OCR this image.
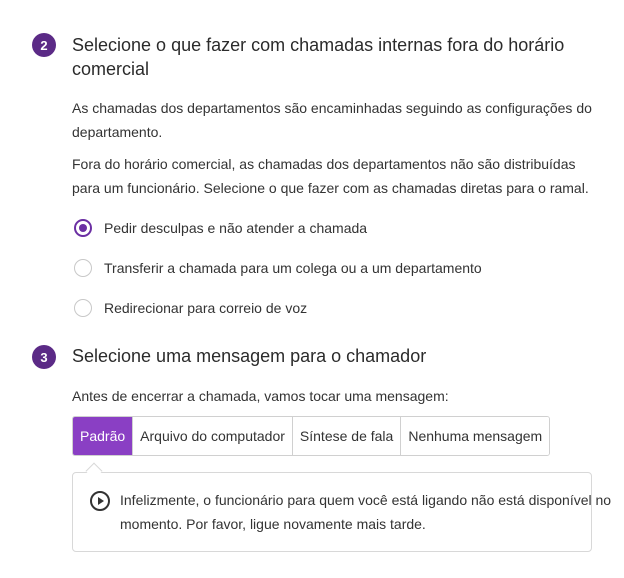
2	Selecione o que fazer com chamadas internas fora do horário comercial
As chamadas dos departamentos são encaminhadas seguindo as configurações do departamento.
Fora do horário comercial, as chamadas dos departamentos não são distribuídas para um funcionário. Selecione o que fazer com as chamadas diretas para o ramal.
Pedir desculpas e não atender a chamada
Transferir a chamada para um colega ou a um departamento
Redirecionar para correio de voz
3	Selecione uma mensagem para o chamador
Antes de encerrar a chamada, vamos tocar uma mensagem:
Padrão	Arquivo do computador	Síntese de fala	Nenhuma mensagem
Infelizmente, o funcionário para quem você está ligando não está disponível no momento. Por favor, ligue novamente mais tarde.
